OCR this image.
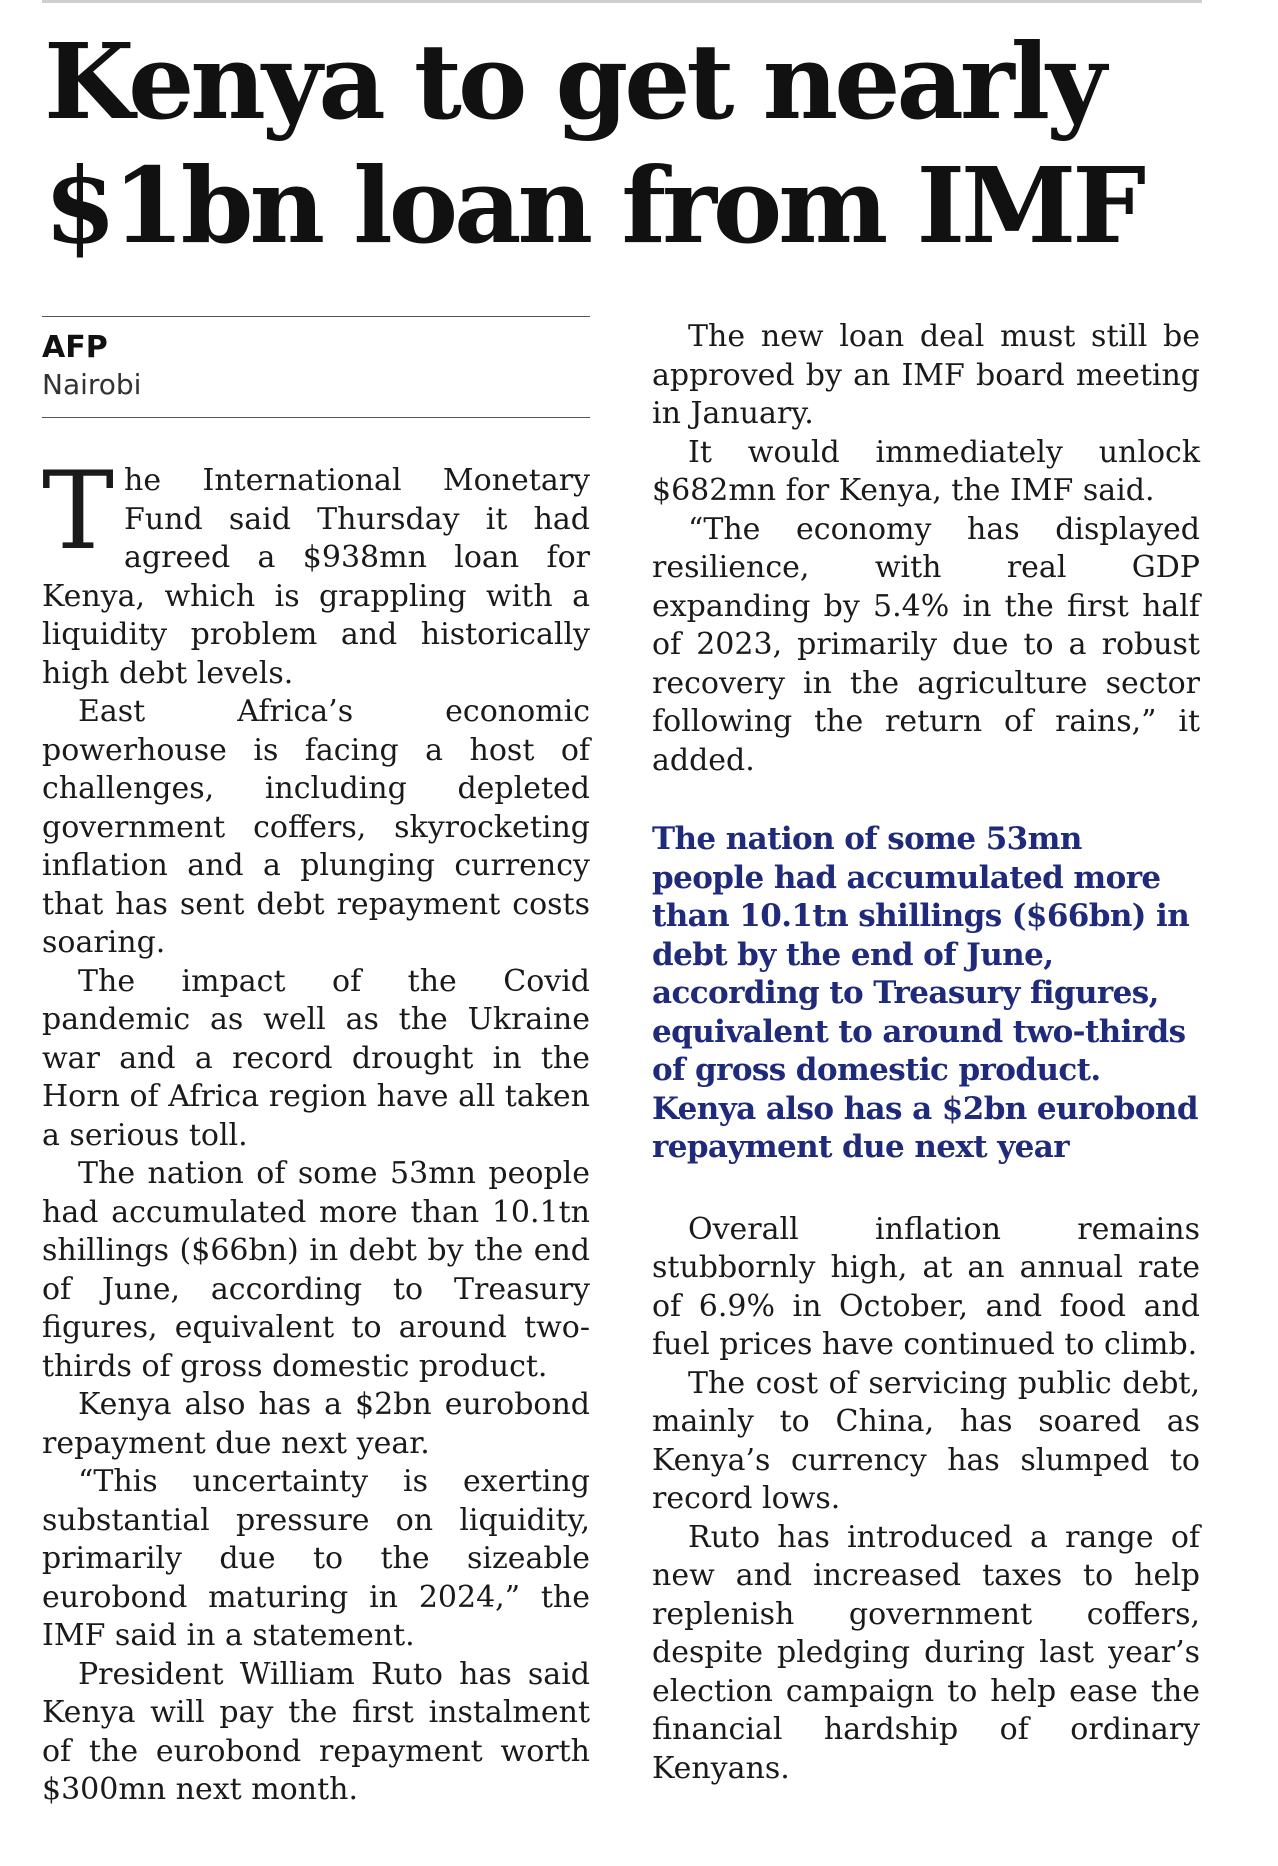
Kenya to get nearly $1bn loan from IMF
AFP
Nairobi

The International Monetary Fund said Thursday it had agreed a $938mn loan for Kenya, which is grappling with a liquidity problem and historically high debt levels.

East Africa’s economic powerhouse is facing a host of challenges, including depleted government coffers, skyrocketing inflation and a plunging currency that has sent debt repayment costs soaring.

The impact of the Covid pandemic as well as the Ukraine war and a record drought in the Horn of Africa region have all taken a serious toll.

The nation of some 53mn people had accumulated more than 10.1tn shillings ($66bn) in debt by the end of June, according to Treasury figures, equivalent to around two-thirds of gross domestic product.

Kenya also has a $2bn eurobond repayment due next year.

“This uncertainty is exerting substantial pressure on liquidity, primarily due to the sizeable eurobond maturing in 2024,” the IMF said in a statement.

President William Ruto has said Kenya will pay the first instalment of the eurobond repayment worth $300mn next month.

The new loan deal must still be approved by an IMF board meeting in January.

It would immediately unlock $682mn for Kenya, the IMF said.

“The economy has displayed resilience, with real GDP expanding by 5.4% in the first half of 2023, primarily due to a robust recovery in the agriculture sector following the return of rains,” it added.

The nation of some 53mn people had accumulated more than 10.1tn shillings ($66bn) in debt by the end of June, according to Treasury figures, equivalent to around two-thirds of gross domestic product. Kenya also has a $2bn eurobond repayment due next year

Overall inflation remains stubbornly high, at an annual rate of 6.9% in October, and food and fuel prices have continued to climb.

The cost of servicing public debt, mainly to China, has soared as Kenya’s currency has slumped to record lows.

Ruto has introduced a range of new and increased taxes to help replenish government coffers, despite pledging during last year’s election campaign to help ease the financial hardship of ordinary Kenyans.
